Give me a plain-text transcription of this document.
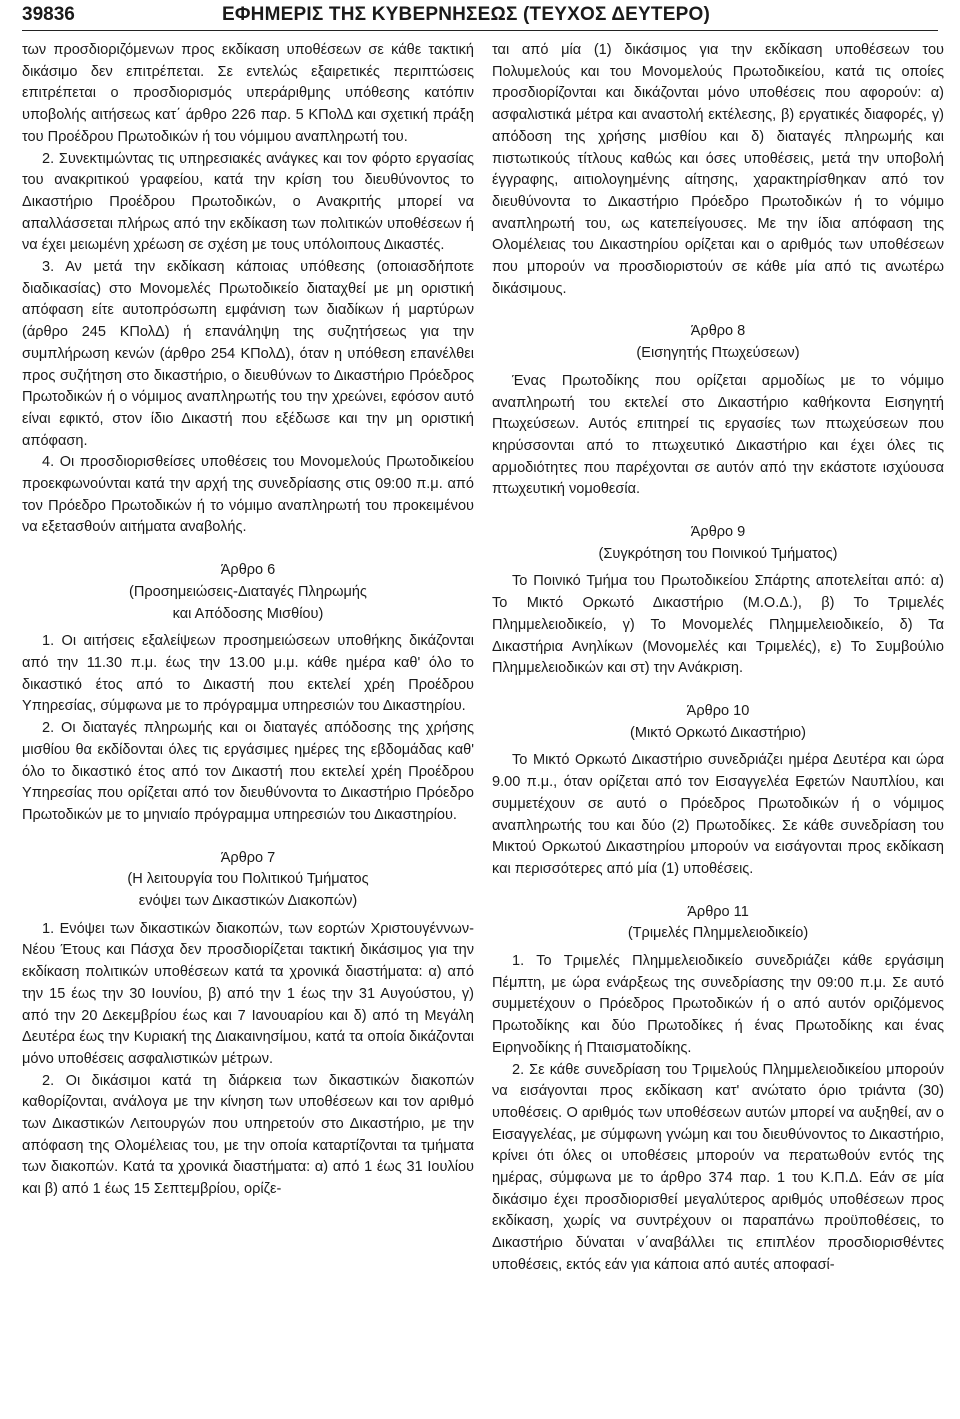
39836	ΕΦΗΜΕΡΙΣ ΤΗΣ ΚΥΒΕΡΝΗΣΕΩΣ (ΤΕΥΧΟΣ ΔΕΥΤΕΡΟ)

των προσδιοριζόμενων προς εκδίκαση υποθέσεων σε κάθε τακτική δικάσιμο δεν επιτρέπεται. Σε εντελώς εξαιρετικές περιπτώσεις επιτρέπεται ο προσδιορισμός υπεράριθμης υπόθεσης κατόπιν υποβολής αιτήσεως κατ΄ άρθρο 226 παρ. 5 ΚΠολΔ και σχετική πράξη του Προέδρου Πρωτοδικών ή του νόμιμου αναπληρωτή του.

2. Συνεκτιμώντας τις υπηρεσιακές ανάγκες και τον φόρτο εργασίας του ανακριτικού γραφείου, κατά την κρίση του διευθύνοντος το Δικαστήριο Προέδρου Πρωτοδικών, ο Ανακριτής μπορεί να απαλλάσσεται πλήρως από την εκδίκαση των πολιτικών υποθέσεων ή να έχει μειωμένη χρέωση σε σχέση με τους υπόλοιπους Δικαστές.

3. Αν μετά την εκδίκαση κάποιας υπόθεσης (οποιασδήποτε διαδικασίας) στο Μονομελές Πρωτοδικείο διαταχθεί με μη οριστική απόφαση είτε αυτοπρόσωπη εμφάνιση των διαδίκων ή μαρτύρων (άρθρο 245 ΚΠολΔ) ή επανάληψη της συζητήσεως για την συμπλήρωση κενών (άρθρο 254 ΚΠολΔ), όταν η υπόθεση επανέλθει προς συζήτηση στο δικαστήριο, ο διευθύνων το Δικαστήριο Πρόεδρος Πρωτοδικών ή ο νόμιμος αναπληρωτής του την χρεώνει, εφόσον αυτό είναι εφικτό, στον ίδιο Δικαστή που εξέδωσε και την μη οριστική απόφαση.

4. Οι προσδιορισθείσες υποθέσεις του Μονομελούς Πρωτοδικείου προεκφωνούνται κατά την αρχή της συνεδρίασης στις 09:00 π.μ. από τον Πρόεδρο Πρωτοδικών ή το νόμιμο αναπληρωτή του προκειμένου να εξετασθούν αιτήματα αναβολής.

Άρθρο 6
(Προσημειώσεις-Διαταγές Πληρωμής
και Απόδοσης Μισθίου)

1. Οι αιτήσεις εξαλείψεων προσημειώσεων υποθήκης δικάζονται από την 11.30 π.μ. έως την 13.00 μ.μ. κάθε ημέρα καθ' όλο το δικαστικό έτος από το Δικαστή που εκτελεί χρέη Προέδρου Υπηρεσίας, σύμφωνα με το πρόγραμμα υπηρεσιών του Δικαστηρίου.

2. Οι διαταγές πληρωμής και οι διαταγές απόδοσης της χρήσης μισθίου θα εκδίδονται όλες τις εργάσιμες ημέρες της εβδομάδας καθ' όλο το δικαστικό έτος από τον Δικαστή που εκτελεί χρέη Προέδρου Υπηρεσίας που ορίζεται από τον διευθύνοντα το Δικαστήριο Πρόεδρο Πρωτοδικών με το μηνιαίο πρόγραμμα υπηρεσιών του Δικαστηρίου.

Άρθρο 7
(Η λειτουργία του Πολιτικού Τμήματος
ενόψει των Δικαστικών Διακοπών)

1. Ενόψει των δικαστικών διακοπών, των εορτών Χριστουγέννων-Νέου Έτους και Πάσχα δεν προσδιορίζεται τακτική δικάσιμος για την εκδίκαση πολιτικών υποθέσεων κατά τα χρονικά διαστήματα: α) από την 15 έως την 30 Ιουνίου, β) από την 1 έως την 31 Αυγούστου, γ) από την 20 Δεκεμβρίου έως και 7 Ιανουαρίου και δ) από τη Μεγάλη Δευτέρα έως την Κυριακή της Διακαινησίμου, κατά τα οποία δικάζονται μόνο υποθέσεις ασφαλιστικών μέτρων.

2. Οι δικάσιμοι κατά τη διάρκεια των δικαστικών διακοπών καθορίζονται, ανάλογα με την κίνηση των υποθέσεων και τον αριθμό των Δικαστικών Λειτουργών που υπηρετούν στο Δικαστήριο, με την απόφαση της Ολομέλειας του, με την οποία καταρτίζονται τα τμήματα των διακοπών. Κατά τα χρονικά διαστήματα: α) από 1 έως 31 Ιουλίου και β) από 1 έως 15 Σεπτεμβρίου, ορίζε-

ται από μία (1) δικάσιμος για την εκδίκαση υποθέσεων του Πολυμελούς και του Μονομελούς Πρωτοδικείου, κατά τις οποίες προσδιορίζονται και δικάζονται μόνο υποθέσεις που αφορούν: α) ασφαλιστικά μέτρα και αναστολή εκτέλεσης, β) εργατικές διαφορές, γ) απόδοση της χρήσης μισθίου και δ) διαταγές πληρωμής και πιστωτικούς τίτλους καθώς και όσες υποθέσεις, μετά την υποβολή έγγραφης, αιτιολογημένης αίτησης, χαρακτηρίσθηκαν από τον διευθύνοντα το Δικαστήριο Πρόεδρο Πρωτοδικών ή το νόμιμο αναπληρωτή του, ως κατεπείγουσες. Με την ίδια απόφαση της Ολομέλειας του Δικαστηρίου ορίζεται και ο αριθμός των υποθέσεων που μπορούν να προσδιοριστούν σε κάθε μία από τις ανωτέρω δικάσιμους.

Άρθρο 8
(Εισηγητής Πτωχεύσεων)

Ένας Πρωτοδίκης που ορίζεται αρμοδίως με το νόμιμο αναπληρωτή του εκτελεί στο Δικαστήριο καθήκοντα Εισηγητή Πτωχεύσεων. Αυτός επιτηρεί τις εργασίες των πτωχεύσεων που κηρύσσονται από το πτωχευτικό Δικαστήριο και έχει όλες τις αρμοδιότητες που παρέχονται σε αυτόν από την εκάστοτε ισχύουσα πτωχευτική νομοθεσία.

Άρθρο 9
(Συγκρότηση του Ποινικού Τμήματος)

Το Ποινικό Τμήμα του Πρωτοδικείου Σπάρτης αποτελείται από: α) Το Μικτό Ορκωτό Δικαστήριο (Μ.Ο.Δ.), β) Το Τριμελές Πλημμελειοδικείο, γ) Το Μονομελές Πλημμελειοδικείο, δ) Τα Δικαστήρια Ανηλίκων (Μονομελές και Τριμελές), ε) Το Συμβούλιο Πλημμελειοδικών και στ) την Ανάκριση.

Άρθρο 10
(Μικτό Ορκωτό Δικαστήριο)

Το Μικτό Ορκωτό Δικαστήριο συνεδριάζει ημέρα Δευτέρα και ώρα 9.00 π.μ., όταν ορίζεται από τον Εισαγγελέα Εφετών Ναυπλίου, και συμμετέχουν σε αυτό ο Πρόεδρος Πρωτοδικών ή ο νόμιμος αναπληρωτής του και δύο (2) Πρωτοδίκες. Σε κάθε συνεδρίαση του Μικτού Ορκωτού Δικαστηρίου μπορούν να εισάγονται προς εκδίκαση και περισσότερες από μία (1) υποθέσεις.

Άρθρο 11
(Τριμελές Πλημμελειοδικείο)

1. Το Τριμελές Πλημμελειοδικείο συνεδριάζει κάθε εργάσιμη Πέμπτη, με ώρα ενάρξεως της συνεδρίασης την 09:00 π.μ. Σε αυτό συμμετέχουν ο Πρόεδρος Πρωτοδικών ή ο από αυτόν οριζόμενος Πρωτοδίκης και δύο Πρωτοδίκες ή ένας Πρωτοδίκης και ένας Ειρηνοδίκης ή Πταισματοδίκης.

2. Σε κάθε συνεδρίαση του Τριμελούς Πλημμελειοδικείου μπορούν να εισάγονται προς εκδίκαση κατ' ανώτατο όριο τριάντα (30) υποθέσεις. Ο αριθμός των υποθέσεων αυτών μπορεί να αυξηθεί, αν ο Εισαγγελέας, με σύμφωνη γνώμη και του διευθύνοντος το Δικαστήριο, κρίνει ότι όλες οι υποθέσεις μπορούν να περατωθούν εντός της ημέρας, σύμφωνα με το άρθρο 374 παρ. 1 του Κ.Π.Δ. Εάν σε μία δικάσιμο έχει προσδιορισθεί μεγαλύτερος αριθμός υποθέσεων προς εκδίκαση, χωρίς να συντρέχουν οι παραπάνω προϋποθέσεις, το Δικαστήριο δύναται ν΄αναβάλλει τις επιπλέον προσδιορισθέντες υποθέσεις, εκτός εάν για κάποια από αυτές αποφασί-
